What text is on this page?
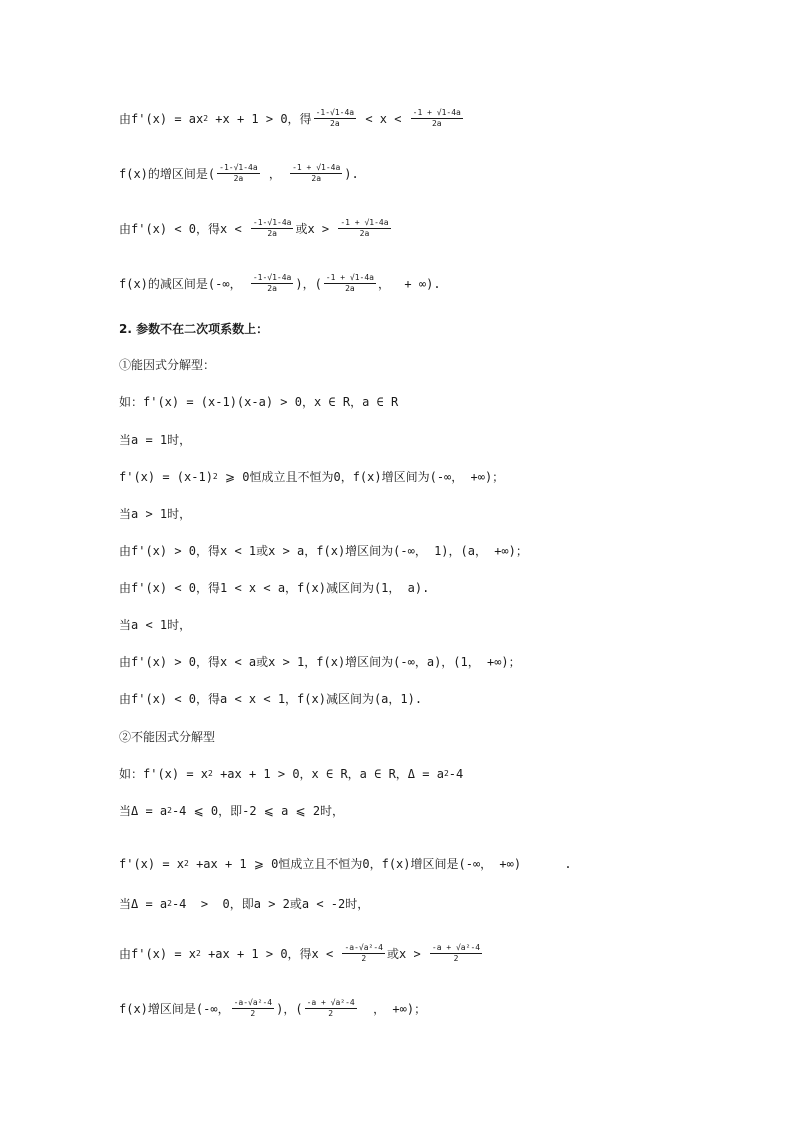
由f'(x) = ax 2 +x + 1 > 0，得 $\frac{-1-√1-4a}{2a} < x < \frac{-1 + √1-4a}{2a}$
f(x)的增区间是( $\frac{-1-√1-4a}{2a}$ ， $\frac{-1 + √1-4a}{2a}$ ).
由f'(x) < 0，得$x < \frac{-1-√1-4a}{2a}$ 或$x > \frac{-1 + √1-4a}{2a}$
f(x)的减区间是(-∞， $\frac{-1-√1-4a}{2a}$ )，( $\frac{-1 + √1-4a}{2a}$ ，  + ∞).
2. 参数不在二次项系数上：
①能因式分解型：
如：f'(x) = (x-1)(x-a) > 0，x ∈ R，a ∈ R
当a = 1时，
f'(x) = (x-1) 2 ⩾ 0恒成立且不恒为0，f(x)增区间为(-∞， +∞)；
当a > 1时，
由f'(x) > 0，得x < 1或x > a，f(x)增区间为(-∞， 1)，(a， +∞)；
由f'(x) < 0，得1 < x < a，f(x)减区间为(1， a).
当a < 1时，
由f'(x) > 0，得x < a或x > 1，f(x)增区间为(-∞，a)，(1， +∞)；
由f'(x) < 0，得a < x < 1，f(x)减区间为(a，1).
②不能因式分解型
如：f'(x) = x 2 +ax + 1 > 0，x ∈ R，a ∈ R，Δ = a 2 -4
当Δ = a 2 -4 ⩽ 0，即-2 ⩽ a ⩽ 2时，
f'(x) = x 2 +ax + 1 ⩾ 0恒成立且不恒为0，f(x)增区间是(-∞， +∞)      .
当Δ = a 2 -4  >  0，即a > 2或a < -2时，
由f'(x) = x 2 +ax + 1 > 0，得$x < \frac{\text{-a-√a²-4}}{2}$ 或$x > \frac{\text{-a + √a²-4}}{2}$
f(x)增区间是(-∞， $\frac{\text{-a-√a²-4}}{2}$ )，( $\frac{\text{-a + √a²-4}}{2}$ ， +∞)；
